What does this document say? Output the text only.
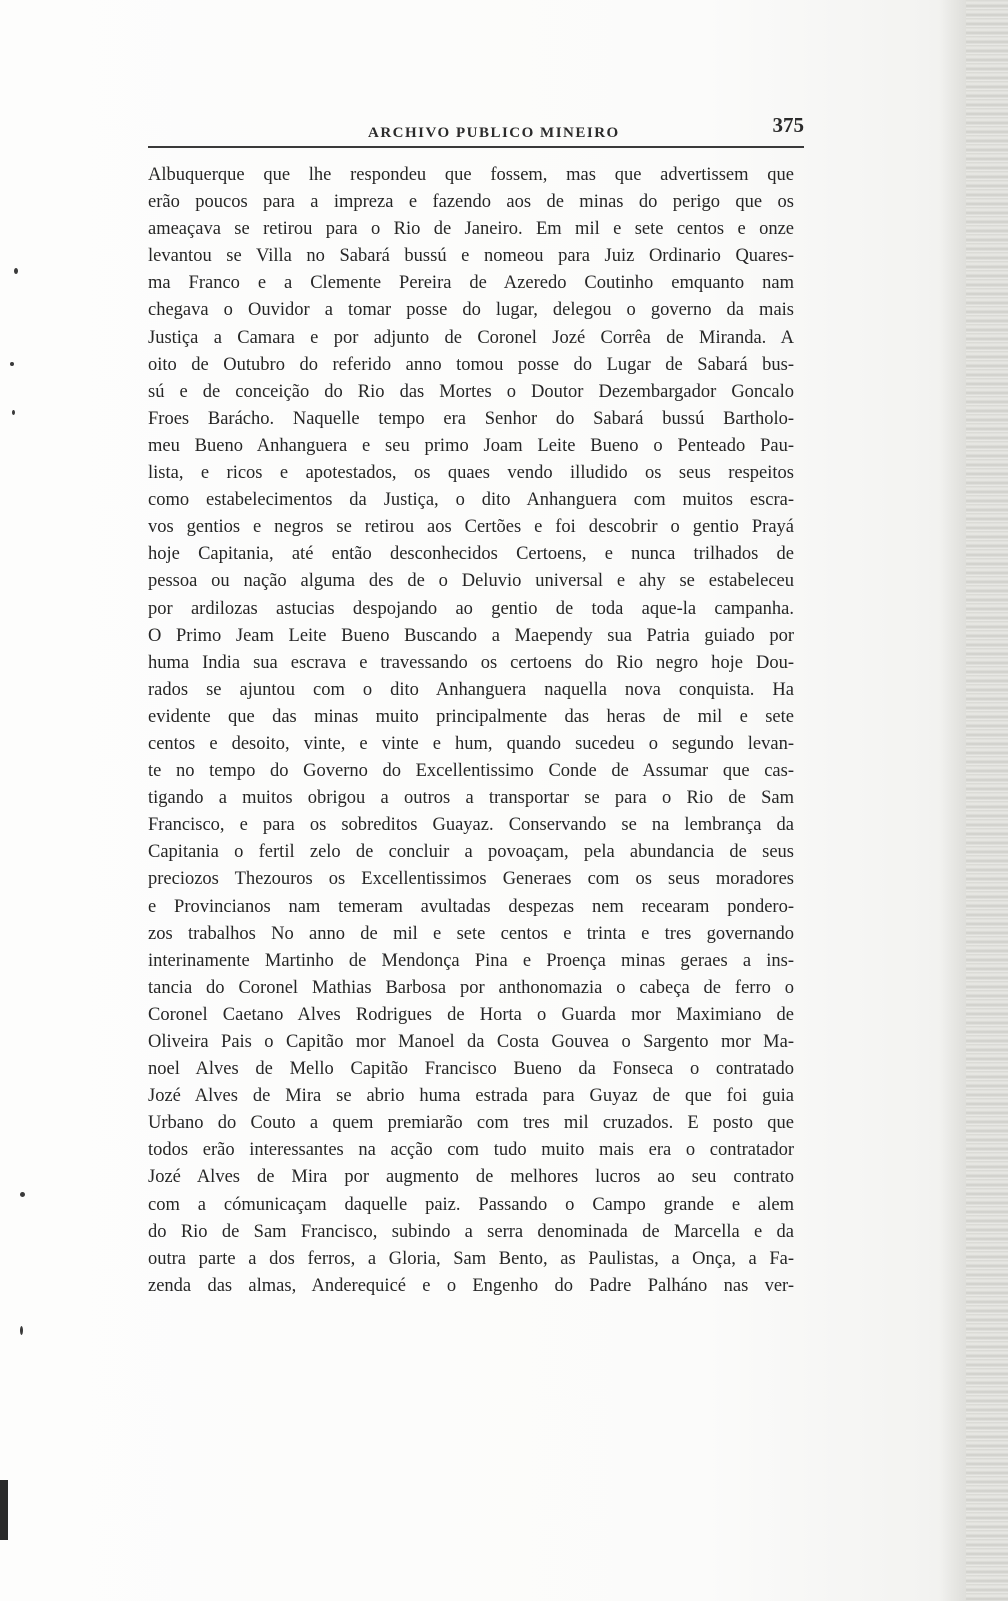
ARCHIVO PUBLICO MINEIRO	375
Albuquerque que lhe respondeu que fossem, mas que advertissem que
erão poucos para a impreza e fazendo aos de minas do perigo que os
ameaçava se retirou para o Rio de Janeiro. Em mil e sete centos e onze
levantou se Villa no Sabará bussú e nomeou para Juiz Ordinario Quares-
ma Franco e a Clemente Pereira de Azeredo Coutinho emquanto nam
chegava o Ouvidor a tomar posse do lugar, delegou o governo da mais
Justiça a Camara e por adjunto de Coronel Jozé Corrêa de Miranda. A
oito de Outubro do referido anno tomou posse do Lugar de Sabará bus-
sú e de conceição do Rio das Mortes o Doutor Dezembargador Goncalo
Froes Barácho. Naquelle tempo era Senhor do Sabará bussú Bartholo-
meu Bueno Anhanguera e seu primo Joam Leite Bueno o Penteado Pau-
lista, e ricos e apotestados, os quaes vendo illudido os seus respeitos
como estabelecimentos da Justiça, o dito Anhanguera com muitos escra-
vos gentios e negros se retirou aos Certões e foi descobrir o gentio Prayá
hoje Capitania, até então desconhecidos Certoens, e nunca trilhados de
pessoa ou nação alguma des de o Deluvio universal e ahy se estabeleceu
por ardilozas astucias despojando ao gentio de toda aque-la campanha.
O Primo Jeam Leite Bueno Buscando a Maependy sua Patria guiado por
huma India sua escrava e travessando os certoens do Rio negro hoje Dou-
rados se ajuntou com o dito Anhanguera naquella nova conquista. Ha
evidente que das minas muito principalmente das heras de mil e sete
centos e desoito, vinte, e vinte e hum, quando sucedeu o segundo levan-
te no tempo do Governo do Excellentissimo Conde de Assumar que cas-
tigando a muitos obrigou a outros a transportar se para o Rio de Sam
Francisco, e para os sobreditos Guayaz. Conservando se na lembrança da
Capitania o fertil zelo de concluir a povoaçam, pela abundancia de seus
preciozos Thezouros os Excellentissimos Generaes com os seus moradores
e Provincianos nam temeram avultadas despezas nem recearam pondero-
zos trabalhos No anno de mil e sete centos e trinta e tres governando
interinamente Martinho de Mendonça Pina e Proença minas geraes a ins-
tancia do Coronel Mathias Barbosa por anthonomazia o cabeça de ferro o
Coronel Caetano Alves Rodrigues de Horta o Guarda mor Maximiano de
Oliveira Pais o Capitão mor Manoel da Costa Gouvea o Sargento mor Ma-
noel Alves de Mello Capitão Francisco Bueno da Fonseca o contratado
Jozé Alves de Mira se abrio huma estrada para Guyaz de que foi guia
Urbano do Couto a quem premiarão com tres mil cruzados. E posto que
todos erão interessantes na acção com tudo muito mais era o contratador
Jozé Alves de Mira por augmento de melhores lucros ao seu contrato
com a cómunicaçam daquelle paiz. Passando o Campo grande e alem
do Rio de Sam Francisco, subindo a serra denominada de Marcella e da
outra parte a dos ferros, a Gloria, Sam Bento, as Paulistas, a Onça, a Fa-
zenda das almas, Anderequicé e o Engenho do Padre Palháno nas ver-
